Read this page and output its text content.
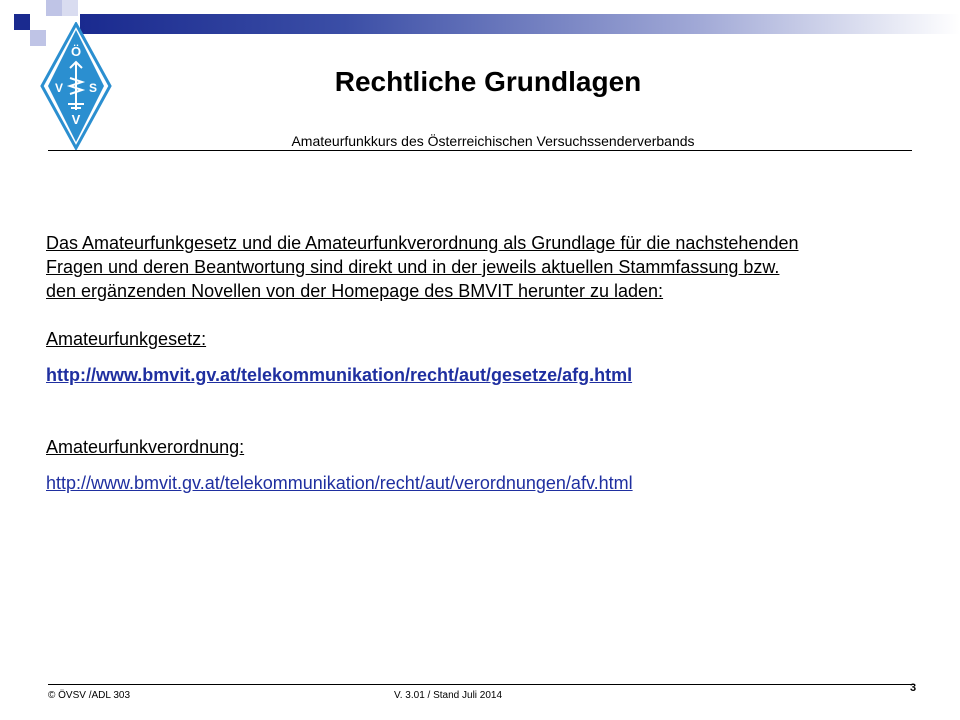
Ö
V S
V
Rechtliche Grundlagen
Amateurfunkkurs des Österreichischen Versuchssenderverbands

Das Amateurfunkgesetz und die Amateurfunkverordnung als Grundlage für die nachstehenden

Fragen und deren Beantwortung sind direkt und in der jeweils aktuellen Stammfassung bzw.

den ergänzenden Novellen von der Homepage des BMVIT herunter zu laden:

Amateurfunkgesetz:

http://www.bmvit.gv.at/telekommunikation/recht/aut/gesetze/afg.html

Amateurfunkverordnung:

http://www.bmvit.gv.at/telekommunikation/recht/aut/verordnungen/afv.html

© ÖVSV /ADL 303	V. 3.01 / Stand Juli 2014
3
